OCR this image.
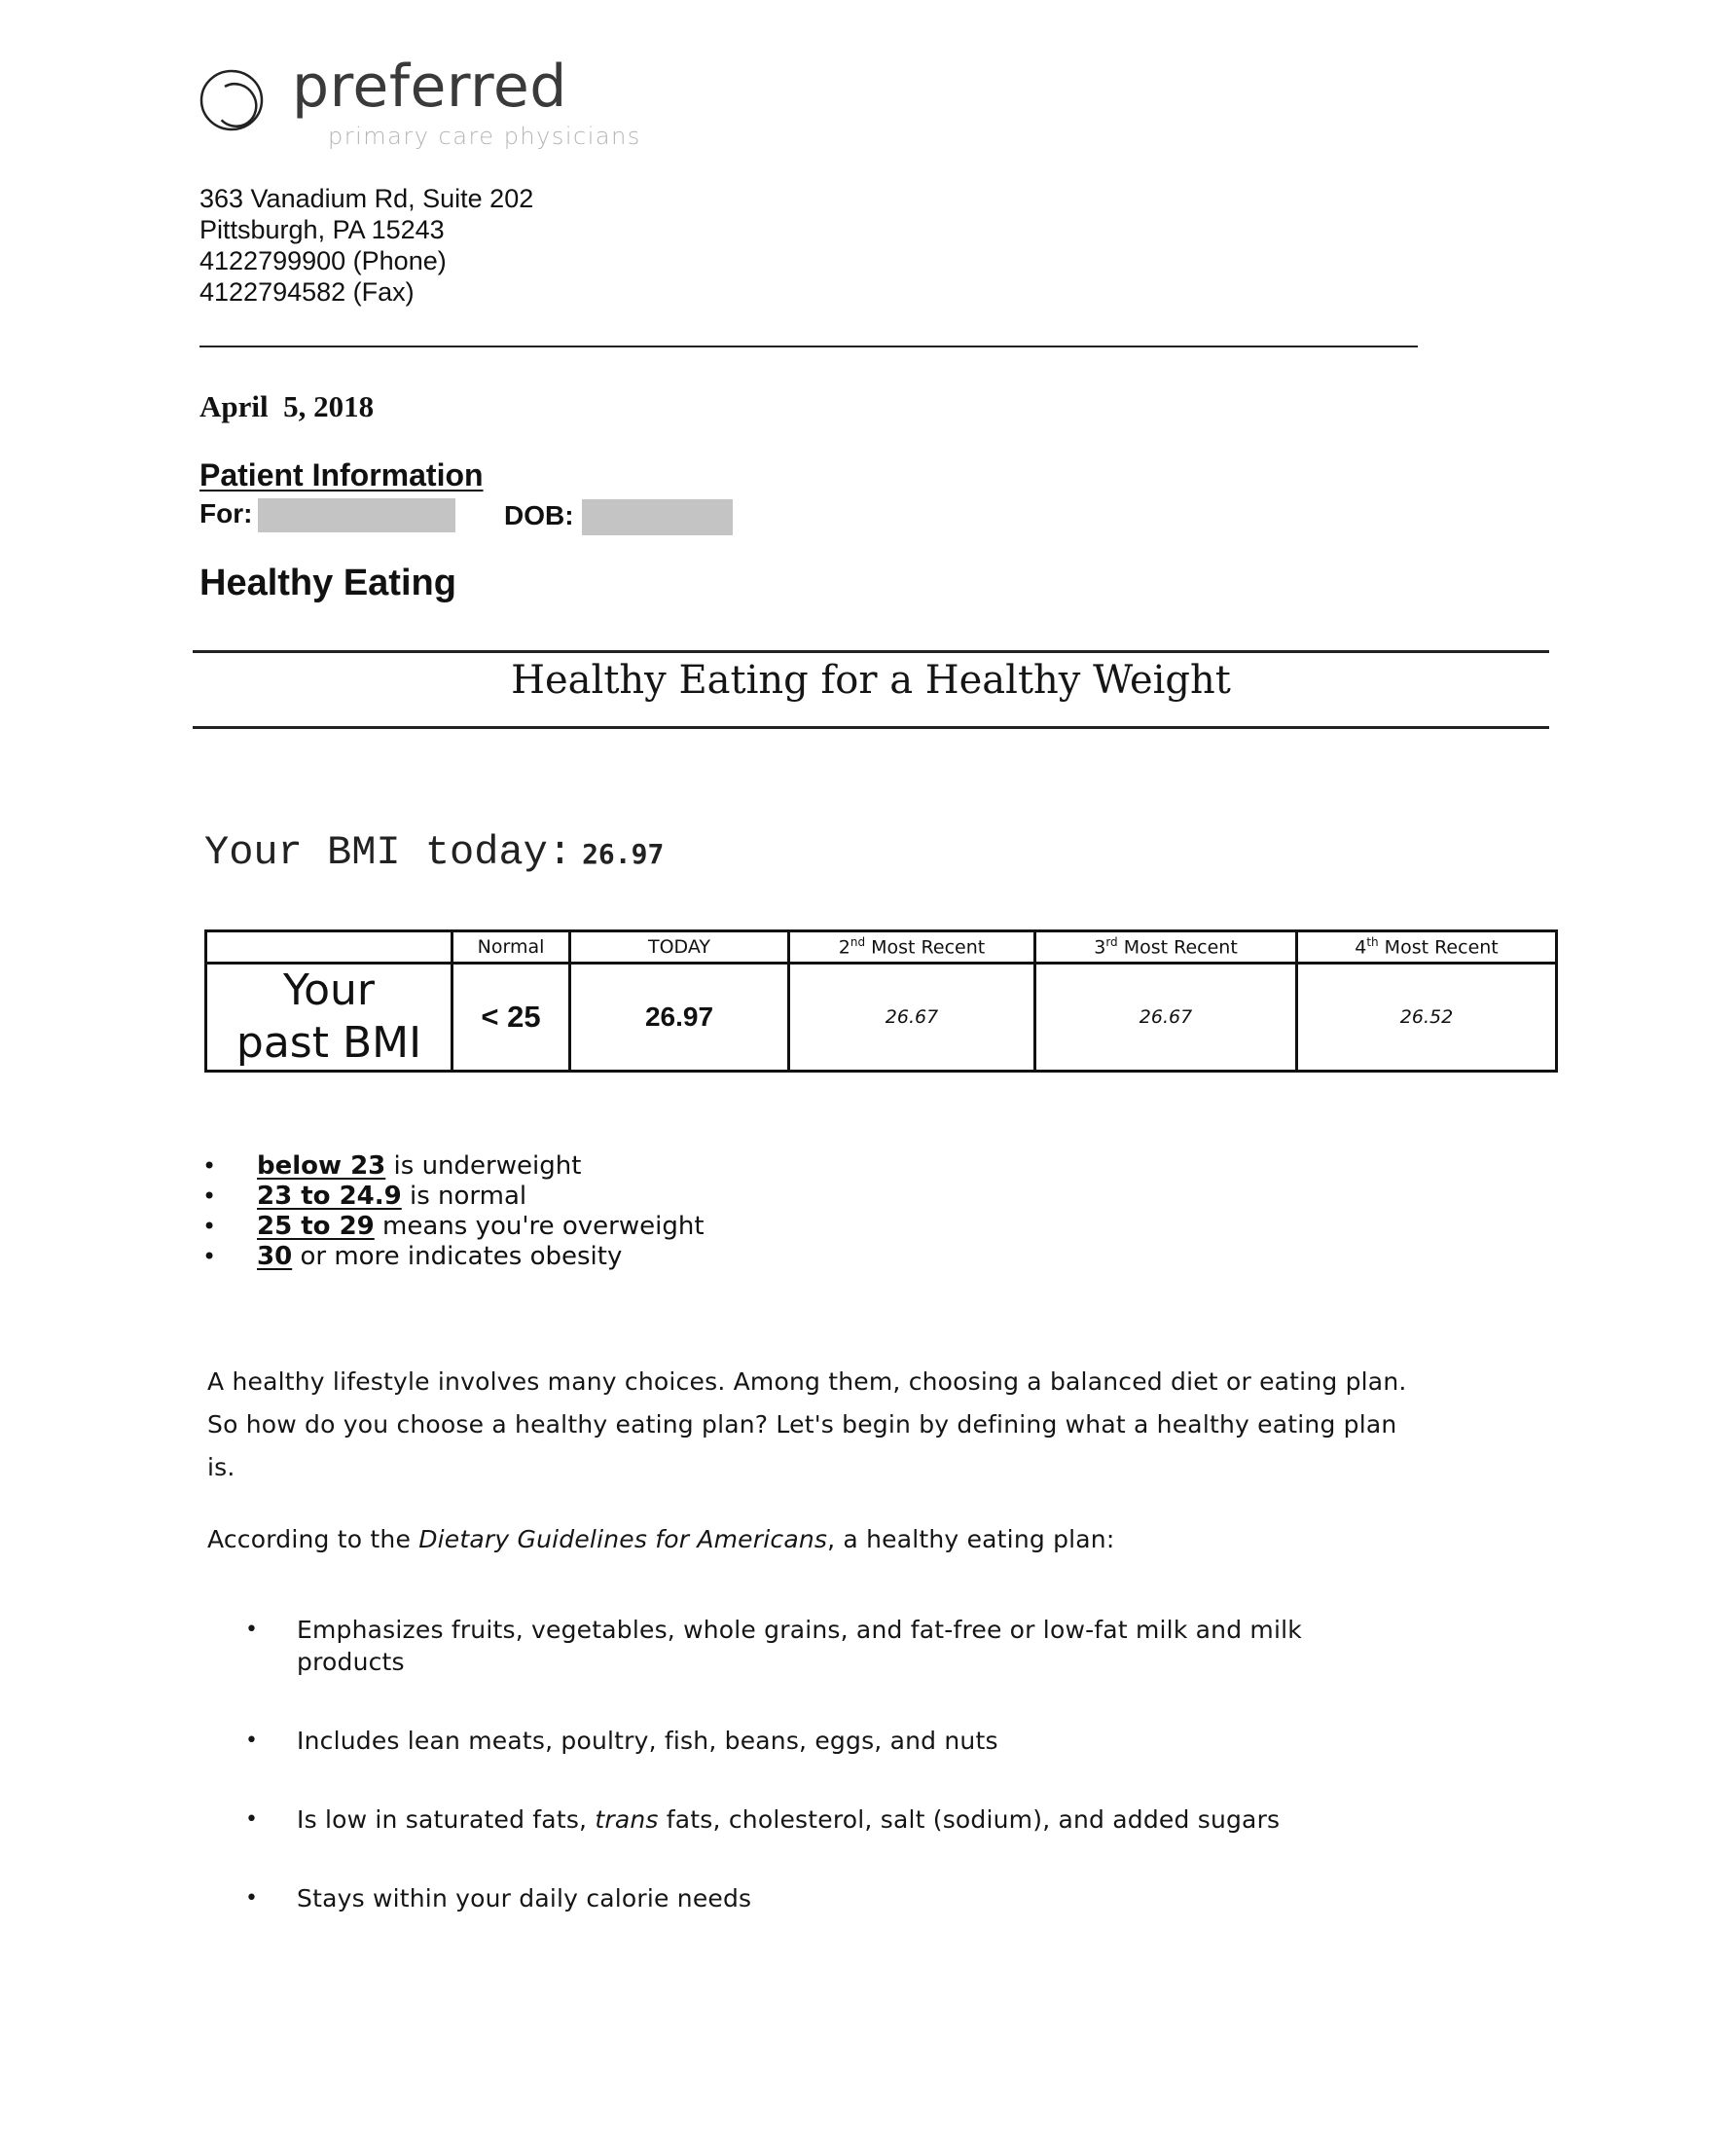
preferred
primary care physicians
363 Vanadium Rd, Suite 202
Pittsburgh, PA 15243
4122799900 (Phone)
4122794582 (Fax)
April  5, 2018
Patient Information
For:	DOB:
Healthy Eating
Healthy Eating for a Healthy Weight
Your BMI today: 26.97
	Normal	TODAY	2nd Most Recent	3rd Most Recent	4th Most Recent

Your
past BMI	< 25	26.97	26.67	26.67	26.52
• below 23 is underweight
• 23 to 24.9 is normal
• 25 to 29 means you're overweight
• 30 or more indicates obesity
A healthy lifestyle involves many choices. Among them, choosing a balanced diet or eating plan. So how do you choose a healthy eating plan? Let's begin by defining what a healthy eating plan is.
According to the Dietary Guidelines for Americans, a healthy eating plan:
• Emphasizes fruits, vegetables, whole grains, and fat-free or low-fat milk and milk products
• Includes lean meats, poultry, fish, beans, eggs, and nuts
• Is low in saturated fats, trans fats, cholesterol, salt (sodium), and added sugars
• Stays within your daily calorie needs
